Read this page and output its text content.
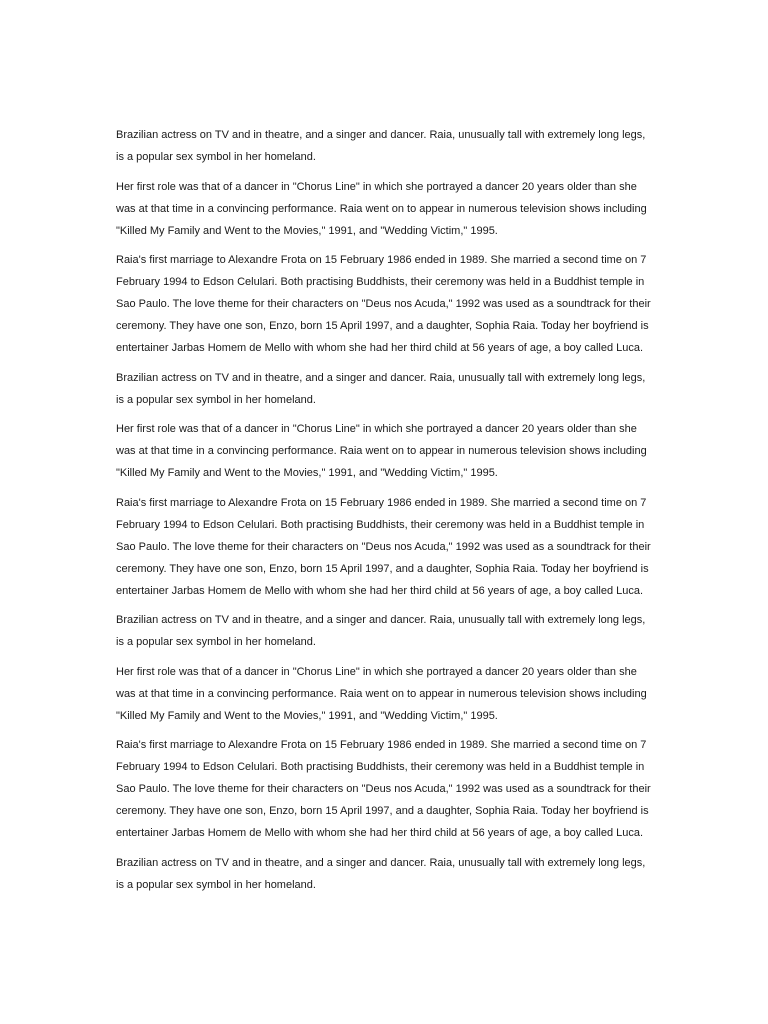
Brazilian actress on TV and in theatre, and a singer and dancer. Raia, unusually tall with extremely long legs, is a popular sex symbol in her homeland.

Her first role was that of a dancer in "Chorus Line" in which she portrayed a dancer 20 years older than she was at that time in a convincing performance. Raia went on to appear in numerous television shows including "Killed My Family and Went to the Movies," 1991, and "Wedding Victim," 1995.

Raia's first marriage to Alexandre Frota on 15 February 1986 ended in 1989. She married a second time on 7 February 1994 to Edson Celulari. Both practising Buddhists, their ceremony was held in a Buddhist temple in Sao Paulo. The love theme for their characters on "Deus nos Acuda," 1992 was used as a soundtrack for their ceremony. They have one son, Enzo, born 15 April 1997, and a daughter, Sophia Raia. Today her boyfriend is entertainer Jarbas Homem de Mello with whom she had her third child at 56 years of age, a boy called Luca.

Brazilian actress on TV and in theatre, and a singer and dancer. Raia, unusually tall with extremely long legs, is a popular sex symbol in her homeland.

Her first role was that of a dancer in "Chorus Line" in which she portrayed a dancer 20 years older than she was at that time in a convincing performance. Raia went on to appear in numerous television shows including "Killed My Family and Went to the Movies," 1991, and "Wedding Victim," 1995.

Raia's first marriage to Alexandre Frota on 15 February 1986 ended in 1989. She married a second time on 7 February 1994 to Edson Celulari. Both practising Buddhists, their ceremony was held in a Buddhist temple in Sao Paulo. The love theme for their characters on "Deus nos Acuda," 1992 was used as a soundtrack for their ceremony. They have one son, Enzo, born 15 April 1997, and a daughter, Sophia Raia. Today her boyfriend is entertainer Jarbas Homem de Mello with whom she had her third child at 56 years of age, a boy called Luca.

Brazilian actress on TV and in theatre, and a singer and dancer. Raia, unusually tall with extremely long legs, is a popular sex symbol in her homeland.

Her first role was that of a dancer in "Chorus Line" in which she portrayed a dancer 20 years older than she was at that time in a convincing performance. Raia went on to appear in numerous television shows including "Killed My Family and Went to the Movies," 1991, and "Wedding Victim," 1995.

Raia's first marriage to Alexandre Frota on 15 February 1986 ended in 1989. She married a second time on 7 February 1994 to Edson Celulari. Both practising Buddhists, their ceremony was held in a Buddhist temple in Sao Paulo. The love theme for their characters on "Deus nos Acuda," 1992 was used as a soundtrack for their ceremony. They have one son, Enzo, born 15 April 1997, and a daughter, Sophia Raia. Today her boyfriend is entertainer Jarbas Homem de Mello with whom she had her third child at 56 years of age, a boy called Luca.

Brazilian actress on TV and in theatre, and a singer and dancer. Raia, unusually tall with extremely long legs, is a popular sex symbol in her homeland.
